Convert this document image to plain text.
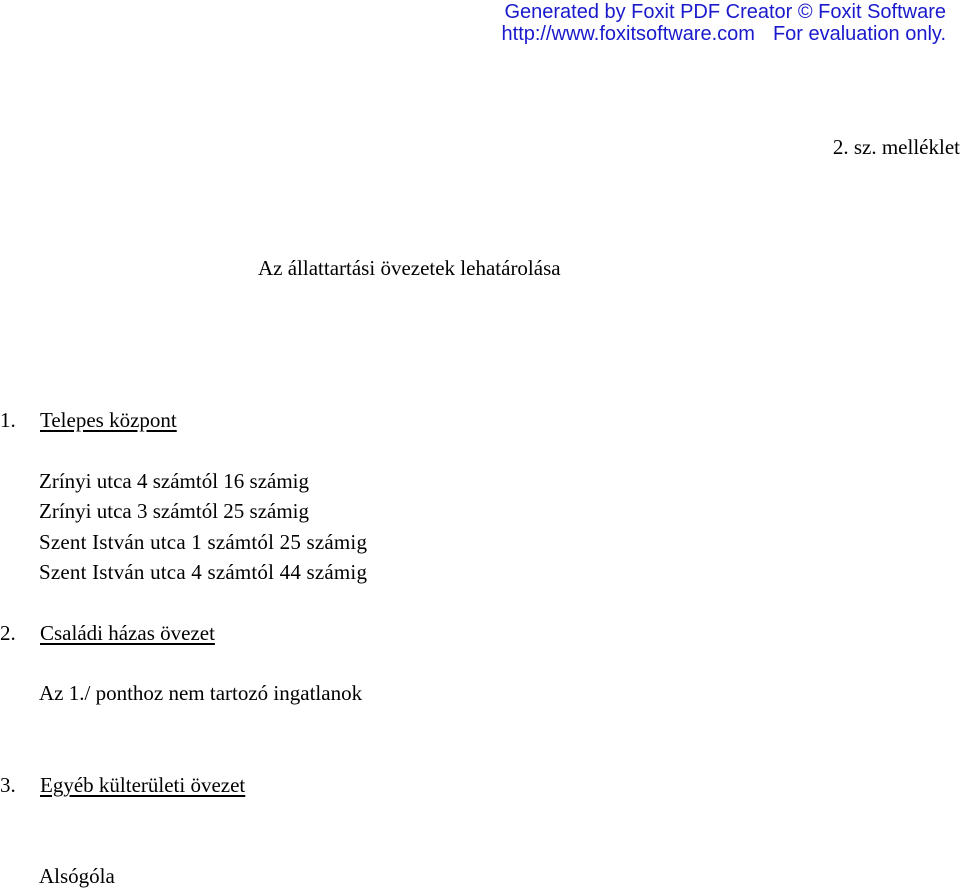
Generated by Foxit PDF Creator © Foxit Software
http://www.foxitsoftware.com For evaluation only.
2. sz. melléklet
Az állattartási övezetek lehatárolása
1. Telepes központ
Zrínyi utca 4 számtól 16 számig
Zrínyi utca 3 számtól 25 számig
Szent István utca 1 számtól 25 számig
Szent István utca 4 számtól 44 számig
2. Családi házas övezet
Az 1./ ponthoz nem tartozó ingatlanok
3. Egyéb külterületi övezet
Alsógóla
